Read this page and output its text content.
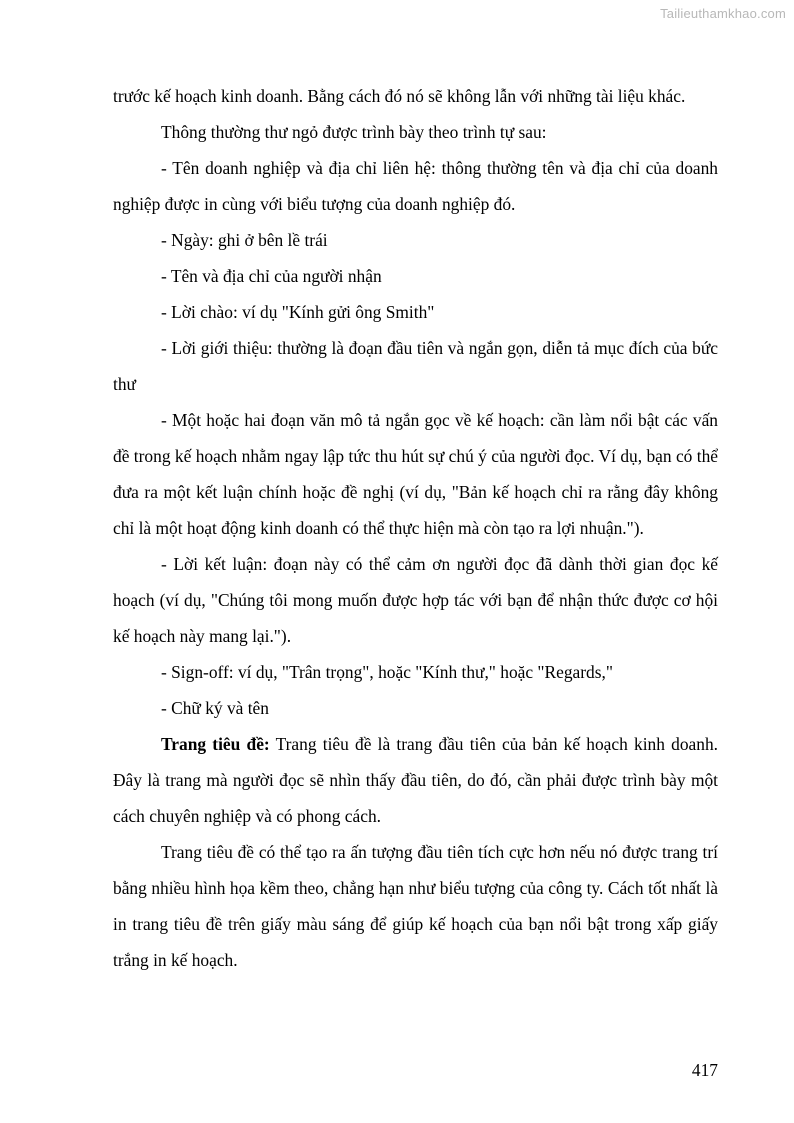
Tailieuthamkhao.com

trước kế hoạch kinh doanh. Bằng cách đó nó sẽ không lẫn với những tài liệu khác.

Thông thường thư ngỏ được trình bày theo trình tự sau:

- Tên doanh nghiệp và địa chỉ liên hệ: thông thường tên và địa chỉ của doanh nghiệp được in cùng với biểu tượng của doanh nghiệp đó.

- Ngày: ghi ở bên lề trái

- Tên và địa chỉ của người nhận

- Lời chào: ví dụ "Kính gửi ông Smith"

- Lời giới thiệu: thường là đoạn đầu tiên và ngắn gọn, diễn tả mục đích của bức thư

- Một hoặc hai đoạn văn mô tả ngắn gọc về kế hoạch: cần làm nổi bật các vấn đề trong kế hoạch nhằm ngay lập tức thu hút sự chú ý của người đọc. Ví dụ, bạn có thể đưa ra một kết luận chính hoặc đề nghị (ví dụ, "Bản kế hoạch chỉ ra rằng đây không chỉ là một hoạt động kinh doanh có thể thực hiện mà còn tạo ra lợi nhuận.").

- Lời kết luận: đoạn này có thể cảm ơn người đọc đã dành thời gian đọc kế hoạch (ví dụ, "Chúng tôi mong muốn được hợp tác với bạn để nhận thức được cơ hội kế hoạch này mang lại.").

- Sign-off: ví dụ, "Trân trọng", hoặc "Kính thư," hoặc "Regards,"

- Chữ ký và tên

Trang tiêu đề: Trang tiêu đề là trang đầu tiên của bản kế hoạch kinh doanh. Đây là trang mà người đọc sẽ nhìn thấy đầu tiên, do đó, cần phải được trình bày một cách chuyên nghiệp và có phong cách.

Trang tiêu đề có thể tạo ra ấn tượng đầu tiên tích cực hơn nếu nó được trang trí bằng nhiều hình họa kềm theo, chẳng hạn như biểu tượng của công ty. Cách tốt nhất là in trang tiêu đề trên giấy màu sáng để giúp kế hoạch của bạn nổi bật trong xấp giấy trắng in kế hoạch.

417
